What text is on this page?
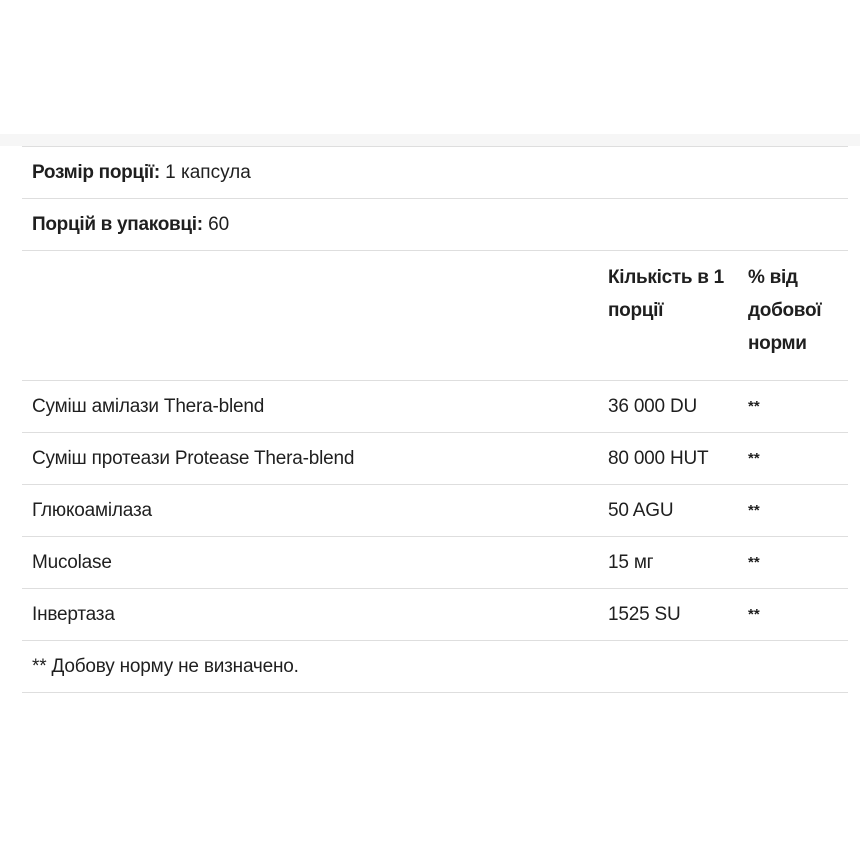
Розмір порції: 1 капсула		
Порцій в упаковці: 60		
	Кількість в 1 порції	% від добової норми
Суміш амілази Thera-blend	36 000 DU	**
Суміш протеази Protease Thera-blend	80 000 HUT	**
Глюкоамілаза	50 AGU	**
Mucolase	15 мг	**
Інвертаза	1525 SU	**
** Добову норму не визначено.		
